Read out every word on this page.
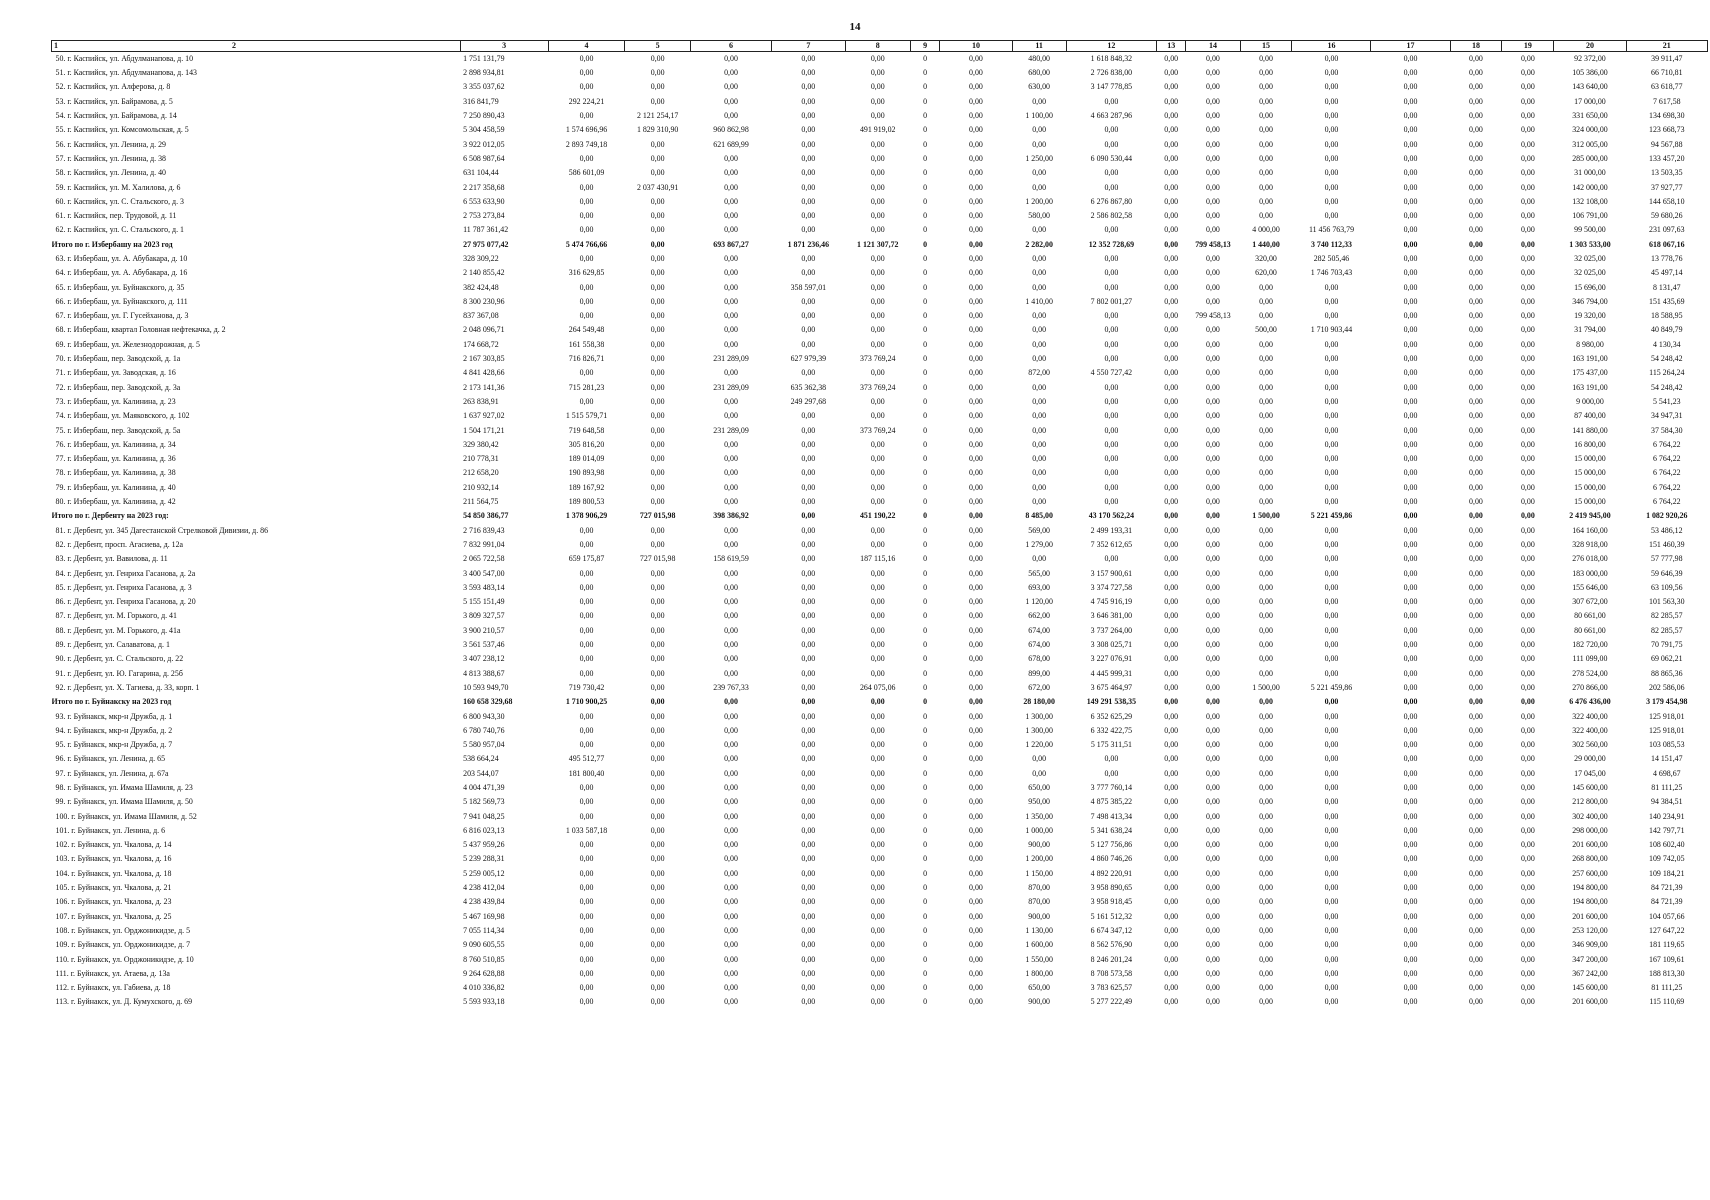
14
1 2	3	4	5	6	7	8	9	10	11	12	13	14	15	16	17	18	19	20	21
50. г. Каспийск, ул. Абдулманапова, д. 10	1 751 131,79	0,00	0,00	0,00	0,00	0,00	0	0,00	480,00	1 618 848,32	0,00	0,00	0,00	0,00	0,00	0,00	0,00	92 372,00	39 911,47
51. г. Каспийск, ул. Абдулманапова, д. 143	2 898 934,81	0,00	0,00	0,00	0,00	0,00	0	0,00	680,00	2 726 838,00	0,00	0,00	0,00	0,00	0,00	0,00	0,00	105 386,00	66 710,81
52. г. Каспийск, ул. Алферова, д. 8	3 355 037,62	0,00	0,00	0,00	0,00	0,00	0	0,00	630,00	3 147 778,85	0,00	0,00	0,00	0,00	0,00	0,00	0,00	143 640,00	63 618,77
53. г. Каспийск, ул. Байрамова, д. 5	316 841,79	292 224,21	0,00	0,00	0,00	0,00	0	0,00	0,00	0,00	0,00	0,00	0,00	0,00	0,00	0,00	0,00	17 000,00	7 617,58
54. г. Каспийск, ул. Байрамова, д. 14	7 250 890,43	0,00	2 121 254,17	0,00	0,00	0,00	0	0,00	1 100,00	4 663 287,96	0,00	0,00	0,00	0,00	0,00	0,00	0,00	331 650,00	134 698,30
55. г. Каспийск, ул. Комсомольская, д. 5	5 304 458,59	1 574 696,96	1 829 310,90	960 862,98	0,00	491 919,02	0	0,00	0,00	0,00	0,00	0,00	0,00	0,00	0,00	0,00	0,00	324 000,00	123 668,73
56. г. Каспийск, ул. Ленина, д. 29	3 922 012,05	2 893 749,18	0,00	621 689,99	0,00	0,00	0	0,00	0,00	0,00	0,00	0,00	0,00	0,00	0,00	0,00	0,00	312 005,00	94 567,88
57. г. Каспийск, ул. Ленина, д. 38	6 508 987,64	0,00	0,00	0,00	0,00	0,00	0	0,00	1 250,00	6 090 530,44	0,00	0,00	0,00	0,00	0,00	0,00	0,00	285 000,00	133 457,20
58. г. Каспийск, ул. Ленина, д. 40	631 104,44	586 601,09	0,00	0,00	0,00	0,00	0	0,00	0,00	0,00	0,00	0,00	0,00	0,00	0,00	0,00	0,00	31 000,00	13 503,35
59. г. Каспийск, ул. М. Халилова, д. 6	2 217 358,68	0,00	2 037 430,91	0,00	0,00	0,00	0	0,00	0,00	0,00	0,00	0,00	0,00	0,00	0,00	0,00	0,00	142 000,00	37 927,77
60. г. Каспийск, ул. С. Стальского, д. 3	6 553 633,90	0,00	0,00	0,00	0,00	0,00	0	0,00	1 200,00	6 276 867,80	0,00	0,00	0,00	0,00	0,00	0,00	0,00	132 108,00	144 658,10
61. г. Каспийск, пер. Трудовой, д. 11	2 753 273,84	0,00	0,00	0,00	0,00	0,00	0	0,00	580,00	2 586 802,58	0,00	0,00	0,00	0,00	0,00	0,00	0,00	106 791,00	59 680,26
62. г. Каспийск, ул. С. Стальского, д. 1	11 787 361,42	0,00	0,00	0,00	0,00	0,00	0	0,00	0,00	0,00	0,00	0,00	4 000,00	11 456 763,79	0,00	0,00	0,00	99 500,00	231 097,63
Итого по г. Избербашу на 2023 год	27 975 077,42	5 474 766,66	0,00	693 867,27	1 871 236,46	1 121 307,72	0	0,00	2 282,00	12 352 728,69	0,00	799 458,13	1 440,00	3 740 112,33	0,00	0,00	0,00	1 303 533,00	618 067,16
63. г. Избербаш, ул. А. Абубакара, д. 10	328 309,22	0,00	0,00	0,00	0,00	0,00	0	0,00	0,00	0,00	0,00	0,00	320,00	282 505,46	0,00	0,00	0,00	32 025,00	13 778,76
64. г. Избербаш, ул. А. Абубакара, д. 16	2 140 855,42	316 629,85	0,00	0,00	0,00	0,00	0	0,00	0,00	0,00	0,00	0,00	620,00	1 746 703,43	0,00	0,00	0,00	32 025,00	45 497,14
65. г. Избербаш, ул. Буйнакского, д. 35	382 424,48	0,00	0,00	0,00	358 597,01	0,00	0	0,00	0,00	0,00	0,00	0,00	0,00	0,00	0,00	0,00	0,00	15 696,00	8 131,47
66. г. Избербаш, ул. Буйнакского, д. 111	8 300 230,96	0,00	0,00	0,00	0,00	0,00	0	0,00	1 410,00	7 802 001,27	0,00	0,00	0,00	0,00	0,00	0,00	0,00	346 794,00	151 435,69
67. г. Избербаш, ул. Г. Гусейханова, д. 3	837 367,08	0,00	0,00	0,00	0,00	0,00	0	0,00	0,00	0,00	0,00	799 458,13	0,00	0,00	0,00	0,00	0,00	19 320,00	18 588,95
68. г. Избербаш, квартал Головная нефтекачка, д. 2	2 048 096,71	264 549,48	0,00	0,00	0,00	0,00	0	0,00	0,00	0,00	0,00	0,00	500,00	1 710 903,44	0,00	0,00	0,00	31 794,00	40 849,79
69. г. Избербаш, ул. Железнодорожная, д. 5	174 668,72	161 558,38	0,00	0,00	0,00	0,00	0	0,00	0,00	0,00	0,00	0,00	0,00	0,00	0,00	0,00	0,00	8 980,00	4 130,34
70. г. Избербаш, пер. Заводской, д. 1а	2 167 303,85	716 826,71	0,00	231 289,09	627 979,39	373 769,24	0	0,00	0,00	0,00	0,00	0,00	0,00	0,00	0,00	0,00	0,00	163 191,00	54 248,42
71. г. Избербаш, ул. Заводская, д. 16	4 841 428,66	0,00	0,00	0,00	0,00	0,00	0	0,00	872,00	4 550 727,42	0,00	0,00	0,00	0,00	0,00	0,00	0,00	175 437,00	115 264,24
72. г. Избербаш, пер. Заводской, д. 3а	2 173 141,36	715 281,23	0,00	231 289,09	635 362,38	373 769,24	0	0,00	0,00	0,00	0,00	0,00	0,00	0,00	0,00	0,00	0,00	163 191,00	54 248,42
73. г. Избербаш, ул. Калинина, д. 23	263 838,91	0,00	0,00	0,00	249 297,68	0,00	0	0,00	0,00	0,00	0,00	0,00	0,00	0,00	0,00	0,00	0,00	9 000,00	5 541,23
74. г. Избербаш, ул. Маяковского, д. 102	1 637 927,02	1 515 579,71	0,00	0,00	0,00	0,00	0	0,00	0,00	0,00	0,00	0,00	0,00	0,00	0,00	0,00	0,00	87 400,00	34 947,31
75. г. Избербаш, пер. Заводской, д. 5а	1 504 171,21	719 648,58	0,00	231 289,09	0,00	373 769,24	0	0,00	0,00	0,00	0,00	0,00	0,00	0,00	0,00	0,00	0,00	141 880,00	37 584,30
76. г. Избербаш, ул. Калинина, д. 34	329 380,42	305 816,20	0,00	0,00	0,00	0,00	0	0,00	0,00	0,00	0,00	0,00	0,00	0,00	0,00	0,00	0,00	16 800,00	6 764,22
77. г. Избербаш, ул. Калинина, д. 36	210 778,31	189 014,09	0,00	0,00	0,00	0,00	0	0,00	0,00	0,00	0,00	0,00	0,00	0,00	0,00	0,00	0,00	15 000,00	6 764,22
78. г. Избербаш, ул. Калинина, д. 38	212 658,20	190 893,98	0,00	0,00	0,00	0,00	0	0,00	0,00	0,00	0,00	0,00	0,00	0,00	0,00	0,00	0,00	15 000,00	6 764,22
79. г. Избербаш, ул. Калинина, д. 40	210 932,14	189 167,92	0,00	0,00	0,00	0,00	0	0,00	0,00	0,00	0,00	0,00	0,00	0,00	0,00	0,00	0,00	15 000,00	6 764,22
80. г. Избербаш, ул. Калинина, д. 42	211 564,75	189 800,53	0,00	0,00	0,00	0,00	0	0,00	0,00	0,00	0,00	0,00	0,00	0,00	0,00	0,00	0,00	15 000,00	6 764,22
Итого по г. Дербенту на 2023 год:	54 850 386,77	1 378 906,29	727 015,98	398 386,92	0,00	451 190,22	0	0,00	8 485,00	43 170 562,24	0,00	0,00	1 500,00	5 221 459,86	0,00	0,00	0,00	2 419 945,00	1 082 920,26
81. г. Дербент, ул. 345 Дагестанской Стрелковой Дивизии, д. 86	2 716 839,43	0,00	0,00	0,00	0,00	0,00	0	0,00	569,00	2 499 193,31	0,00	0,00	0,00	0,00	0,00	0,00	0,00	164 160,00	53 486,12
82. г. Дербент, просп. Агасиева, д. 12а	7 832 991,04	0,00	0,00	0,00	0,00	0,00	0	0,00	1 279,00	7 352 612,65	0,00	0,00	0,00	0,00	0,00	0,00	0,00	328 918,00	151 460,39
83. г. Дербент, ул. Вавилова, д. 11	2 065 722,58	659 175,87	727 015,98	158 619,59	0,00	187 115,16	0	0,00	0,00	0,00	0,00	0,00	0,00	0,00	0,00	0,00	0,00	276 018,00	57 777,98
84. г. Дербент, ул. Генриха Гасанова, д. 2а	3 400 547,00	0,00	0,00	0,00	0,00	0,00	0	0,00	565,00	3 157 900,61	0,00	0,00	0,00	0,00	0,00	0,00	0,00	183 000,00	59 646,39
85. г. Дербент, ул. Генриха Гасанова, д. 3	3 593 483,14	0,00	0,00	0,00	0,00	0,00	0	0,00	693,00	3 374 727,58	0,00	0,00	0,00	0,00	0,00	0,00	0,00	155 646,00	63 109,56
86. г. Дербент, ул. Генриха Гасанова, д. 20	5 155 151,49	0,00	0,00	0,00	0,00	0,00	0	0,00	1 120,00	4 745 916,19	0,00	0,00	0,00	0,00	0,00	0,00	0,00	307 672,00	101 563,30
87. г. Дербент, ул. М. Горького, д. 41	3 809 327,57	0,00	0,00	0,00	0,00	0,00	0	0,00	662,00	3 646 381,00	0,00	0,00	0,00	0,00	0,00	0,00	0,00	80 661,00	82 285,57
88. г. Дербент, ул. М. Горького, д. 41а	3 900 210,57	0,00	0,00	0,00	0,00	0,00	0	0,00	674,00	3 737 264,00	0,00	0,00	0,00	0,00	0,00	0,00	0,00	80 661,00	82 285,57
89. г. Дербент, ул. Салаватова, д. 1	3 561 537,46	0,00	0,00	0,00	0,00	0,00	0	0,00	674,00	3 308 025,71	0,00	0,00	0,00	0,00	0,00	0,00	0,00	182 720,00	70 791,75
90. г. Дербент, ул. С. Стальского, д. 22	3 407 238,12	0,00	0,00	0,00	0,00	0,00	0	0,00	678,00	3 227 076,91	0,00	0,00	0,00	0,00	0,00	0,00	0,00	111 099,00	69 062,21
91. г. Дербент, ул. Ю. Гагарина, д. 25б	4 813 388,67	0,00	0,00	0,00	0,00	0,00	0	0,00	899,00	4 445 999,31	0,00	0,00	0,00	0,00	0,00	0,00	0,00	278 524,00	88 865,36
92. г. Дербент, ул. Х. Тагиева, д. 33, корп. 1	10 593 949,70	719 730,42	0,00	239 767,33	0,00	264 075,06	0	0,00	672,00	3 675 464,97	0,00	0,00	1 500,00	5 221 459,86	0,00	0,00	0,00	270 866,00	202 586,06
Итого по г. Буйнакску на 2023 год	160 658 329,68	1 710 900,25	0,00	0,00	0,00	0,00	0	0,00	28 180,00	149 291 538,35	0,00	0,00	0,00	0,00	0,00	0,00	0,00	6 476 436,00	3 179 454,98
93. г. Буйнакск, мкр-н Дружба, д. 1	6 800 943,30	0,00	0,00	0,00	0,00	0,00	0	0,00	1 300,00	6 352 625,29	0,00	0,00	0,00	0,00	0,00	0,00	0,00	322 400,00	125 918,01
94. г. Буйнакск, мкр-н Дружба, д. 2	6 780 740,76	0,00	0,00	0,00	0,00	0,00	0	0,00	1 300,00	6 332 422,75	0,00	0,00	0,00	0,00	0,00	0,00	0,00	322 400,00	125 918,01
95. г. Буйнакск, мкр-н Дружба, д. 7	5 580 957,04	0,00	0,00	0,00	0,00	0,00	0	0,00	1 220,00	5 175 311,51	0,00	0,00	0,00	0,00	0,00	0,00	0,00	302 560,00	103 085,53
96. г. Буйнакск, ул. Ленина, д. 65	538 664,24	495 512,77	0,00	0,00	0,00	0,00	0	0,00	0,00	0,00	0,00	0,00	0,00	0,00	0,00	0,00	0,00	29 000,00	14 151,47
97. г. Буйнакск, ул. Ленина, д. 67а	203 544,07	181 800,40	0,00	0,00	0,00	0,00	0	0,00	0,00	0,00	0,00	0,00	0,00	0,00	0,00	0,00	0,00	17 045,00	4 698,67
98. г. Буйнакск, ул. Имама Шамиля, д. 23	4 004 471,39	0,00	0,00	0,00	0,00	0,00	0	0,00	650,00	3 777 760,14	0,00	0,00	0,00	0,00	0,00	0,00	0,00	145 600,00	81 111,25
99. г. Буйнакск, ул. Имама Шамиля, д. 50	5 182 569,73	0,00	0,00	0,00	0,00	0,00	0	0,00	950,00	4 875 385,22	0,00	0,00	0,00	0,00	0,00	0,00	0,00	212 800,00	94 384,51
100. г. Буйнакск, ул. Имама Шамиля, д. 52	7 941 048,25	0,00	0,00	0,00	0,00	0,00	0	0,00	1 350,00	7 498 413,34	0,00	0,00	0,00	0,00	0,00	0,00	0,00	302 400,00	140 234,91
101. г. Буйнакск, ул. Ленина, д. 6	6 816 023,13	1 033 587,18	0,00	0,00	0,00	0,00	0	0,00	1 000,00	5 341 638,24	0,00	0,00	0,00	0,00	0,00	0,00	0,00	298 000,00	142 797,71
102. г. Буйнакск, ул. Чкалова, д. 14	5 437 959,26	0,00	0,00	0,00	0,00	0,00	0	0,00	900,00	5 127 756,86	0,00	0,00	0,00	0,00	0,00	0,00	0,00	201 600,00	108 602,40
103. г. Буйнакск, ул. Чкалова, д. 16	5 239 288,31	0,00	0,00	0,00	0,00	0,00	0	0,00	1 200,00	4 860 746,26	0,00	0,00	0,00	0,00	0,00	0,00	0,00	268 800,00	109 742,05
104. г. Буйнакск, ул. Чкалова, д. 18	5 259 005,12	0,00	0,00	0,00	0,00	0,00	0	0,00	1 150,00	4 892 220,91	0,00	0,00	0,00	0,00	0,00	0,00	0,00	257 600,00	109 184,21
105. г. Буйнакск, ул. Чкалова, д. 21	4 238 412,04	0,00	0,00	0,00	0,00	0,00	0	0,00	870,00	3 958 890,65	0,00	0,00	0,00	0,00	0,00	0,00	0,00	194 800,00	84 721,39
106. г. Буйнакск, ул. Чкалова, д. 23	4 238 439,84	0,00	0,00	0,00	0,00	0,00	0	0,00	870,00	3 958 918,45	0,00	0,00	0,00	0,00	0,00	0,00	0,00	194 800,00	84 721,39
107. г. Буйнакск, ул. Чкалова, д. 25	5 467 169,98	0,00	0,00	0,00	0,00	0,00	0	0,00	900,00	5 161 512,32	0,00	0,00	0,00	0,00	0,00	0,00	0,00	201 600,00	104 057,66
108. г. Буйнакск, ул. Орджоникидзе, д. 5	7 055 114,34	0,00	0,00	0,00	0,00	0,00	0	0,00	1 130,00	6 674 347,12	0,00	0,00	0,00	0,00	0,00	0,00	0,00	253 120,00	127 647,22
109. г. Буйнакск, ул. Орджоникидзе, д. 7	9 090 605,55	0,00	0,00	0,00	0,00	0,00	0	0,00	1 600,00	8 562 576,90	0,00	0,00	0,00	0,00	0,00	0,00	0,00	346 909,00	181 119,65
110. г. Буйнакск, ул. Орджоникидзе, д. 10	8 760 510,85	0,00	0,00	0,00	0,00	0,00	0	0,00	1 550,00	8 246 201,24	0,00	0,00	0,00	0,00	0,00	0,00	0,00	347 200,00	167 109,61
111. г. Буйнакск, ул. Атаева, д. 13а	9 264 628,88	0,00	0,00	0,00	0,00	0,00	0	0,00	1 800,00	8 708 573,58	0,00	0,00	0,00	0,00	0,00	0,00	0,00	367 242,00	188 813,30
112. г. Буйнакск, ул. Габиева, д. 18	4 010 336,82	0,00	0,00	0,00	0,00	0,00	0	0,00	650,00	3 783 625,57	0,00	0,00	0,00	0,00	0,00	0,00	0,00	145 600,00	81 111,25
113. г. Буйнакск, ул. Д. Кумухского, д. 69	5 593 933,18	0,00	0,00	0,00	0,00	0,00	0	0,00	900,00	5 277 222,49	0,00	0,00	0,00	0,00	0,00	0,00	0,00	201 600,00	115 110,69
